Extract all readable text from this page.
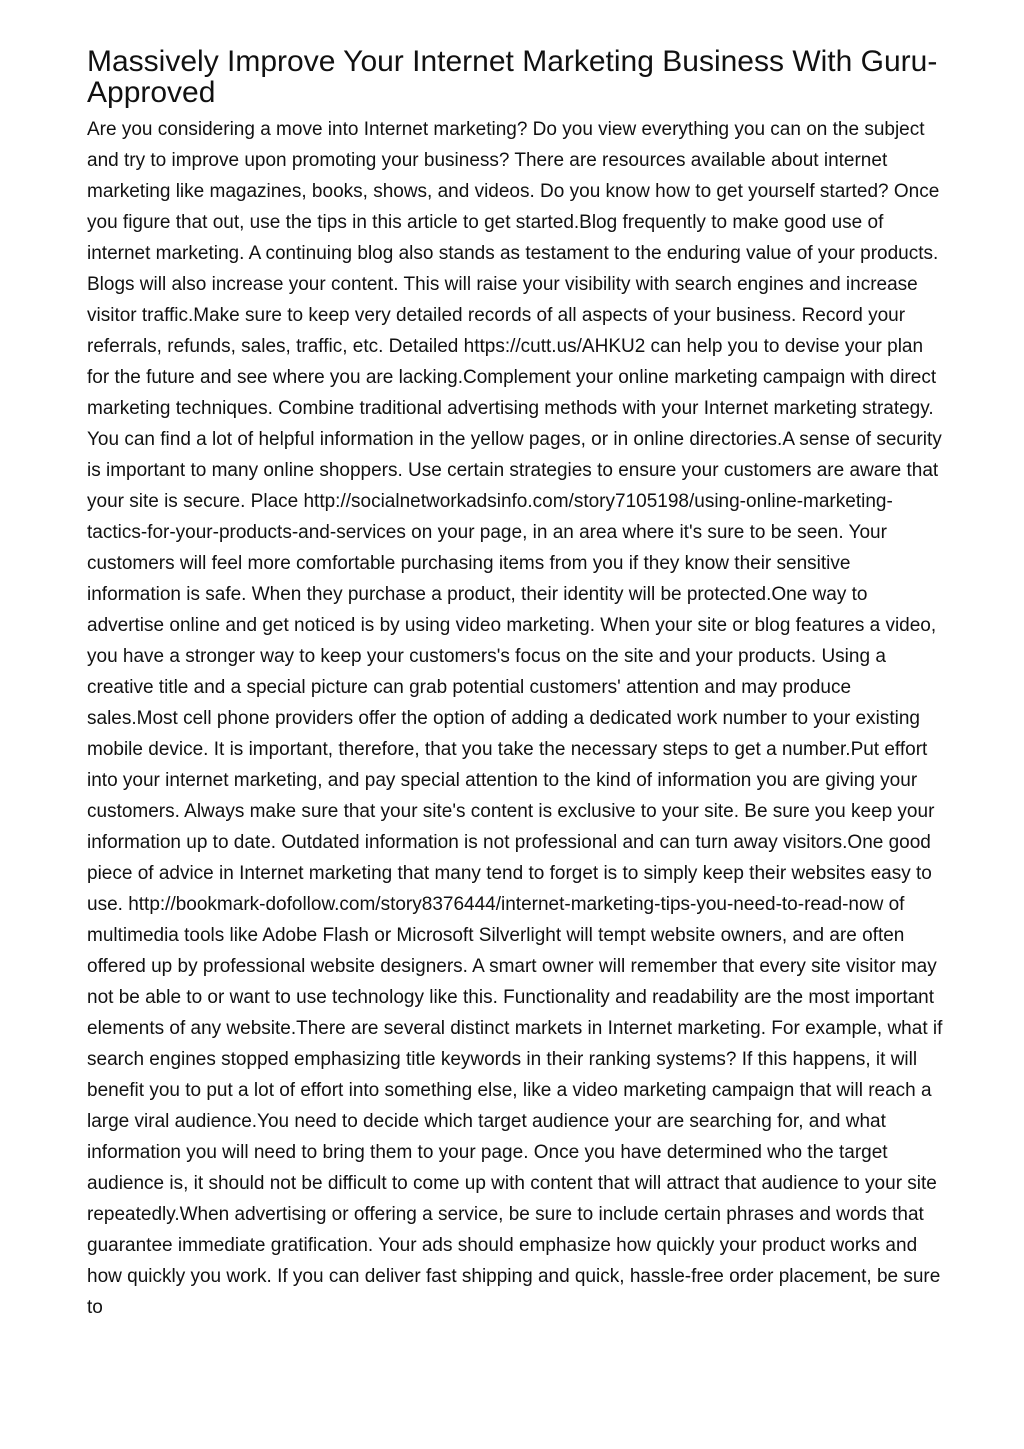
Massively Improve Your Internet Marketing Business With Guru-Approved

Are you considering a move into Internet marketing? Do you view everything you can on the subject and try to improve upon promoting your business? There are resources available about internet marketing like magazines, books, shows, and videos. Do you know how to get yourself started? Once you figure that out, use the tips in this article to get started.Blog frequently to make good use of internet marketing. A continuing blog also stands as testament to the enduring value of your products. Blogs will also increase your content. This will raise your visibility with search engines and increase visitor traffic.Make sure to keep very detailed records of all aspects of your business. Record your referrals, refunds, sales, traffic, etc. Detailed https://cutt.us/AHKU2 can help you to devise your plan for the future and see where you are lacking.Complement your online marketing campaign with direct marketing techniques. Combine traditional advertising methods with your Internet marketing strategy. You can find a lot of helpful information in the yellow pages, or in online directories.A sense of security is important to many online shoppers. Use certain strategies to ensure your customers are aware that your site is secure. Place http://socialnetworkadsinfo.com/story7105198/using-online-marketing-tactics-for-your-products-and-services on your page, in an area where it's sure to be seen. Your customers will feel more comfortable purchasing items from you if they know their sensitive information is safe. When they purchase a product, their identity will be protected.One way to advertise online and get noticed is by using video marketing. When your site or blog features a video, you have a stronger way to keep your customers's focus on the site and your products. Using a creative title and a special picture can grab potential customers' attention and may produce sales.Most cell phone providers offer the option of adding a dedicated work number to your existing mobile device. It is important, therefore, that you take the necessary steps to get a number.Put effort into your internet marketing, and pay special attention to the kind of information you are giving your customers. Always make sure that your site's content is exclusive to your site. Be sure you keep your information up to date. Outdated information is not professional and can turn away visitors.One good piece of advice in Internet marketing that many tend to forget is to simply keep their websites easy to use. http://bookmark-dofollow.com/story8376444/internet-marketing-tips-you-need-to-read-now of multimedia tools like Adobe Flash or Microsoft Silverlight will tempt website owners, and are often offered up by professional website designers. A smart owner will remember that every site visitor may not be able to or want to use technology like this. Functionality and readability are the most important elements of any website.There are several distinct markets in Internet marketing. For example, what if search engines stopped emphasizing title keywords in their ranking systems? If this happens, it will benefit you to put a lot of effort into something else, like a video marketing campaign that will reach a large viral audience.You need to decide which target audience your are searching for, and what information you will need to bring them to your page. Once you have determined who the target audience is, it should not be difficult to come up with content that will attract that audience to your site repeatedly.When advertising or offering a service, be sure to include certain phrases and words that guarantee immediate gratification. Your ads should emphasize how quickly your product works and how quickly you work. If you can deliver fast shipping and quick, hassle-free order placement, be sure to
